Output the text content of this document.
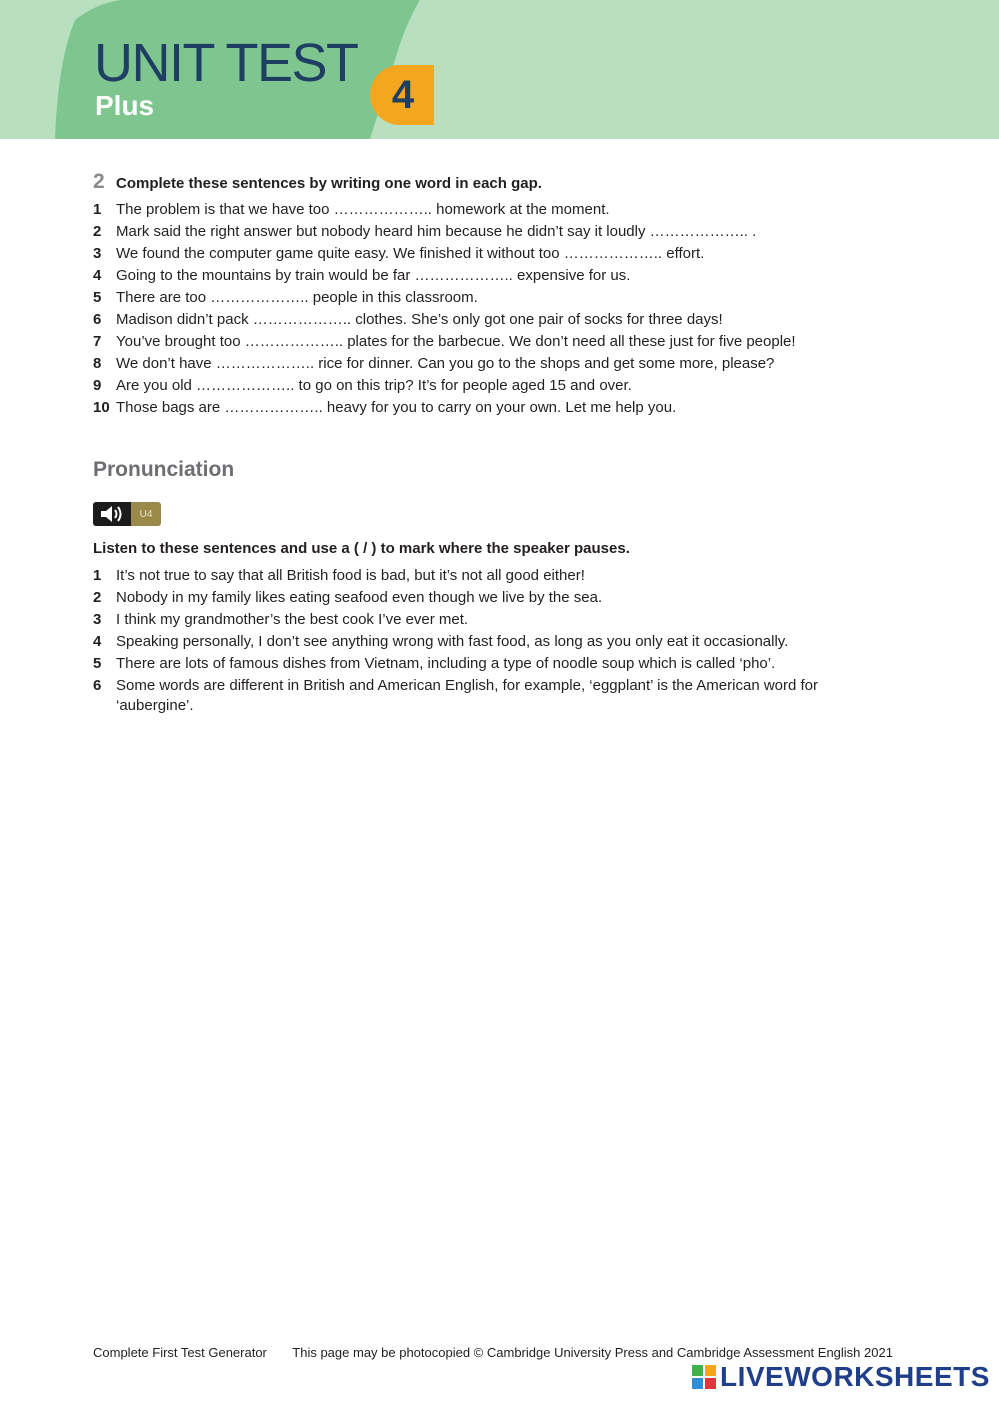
UNIT TEST
Plus	4
2 Complete these sentences by writing one word in each gap.
1 The problem is that we have too ……………….. homework at the moment.
2 Mark said the right answer but nobody heard him because he didn’t say it loudly ……………….. .
3 We found the computer game quite easy. We finished it without too ……………….. effort.
4 Going to the mountains by train would be far ……………….. expensive for us.
5 There are too ……………….. people in this classroom.
6 Madison didn’t pack ……………….. clothes. She’s only got one pair of socks for three days!
7 You’ve brought too ……………….. plates for the barbecue. We don’t need all these just for five people!
8 We don’t have ……………….. rice for dinner. Can you go to the shops and get some more, please?
9 Are you old ……………….. to go on this trip? It’s for people aged 15 and over.
10 Those bags are ……………….. heavy for you to carry on your own. Let me help you.
Pronunciation
U4
Listen to these sentences and use a ( / ) to mark where the speaker pauses.
1 It’s not true to say that all British food is bad, but it’s not all good either!
2 Nobody in my family likes eating seafood even though we live by the sea.
3 I think my grandmother’s the best cook I’ve ever met.
4 Speaking personally, I don’t see anything wrong with fast food, as long as you only eat it occasionally.
5 There are lots of famous dishes from Vietnam, including a type of noodle soup which is called ‘pho’.
6 Some words are different in British and American English, for example, ‘eggplant’ is the American word for ‘aubergine’.
Complete First Test Generator This page may be photocopied © Cambridge University Press and Cambridge Assessment English 2021
LIVEWORKSHEETS
